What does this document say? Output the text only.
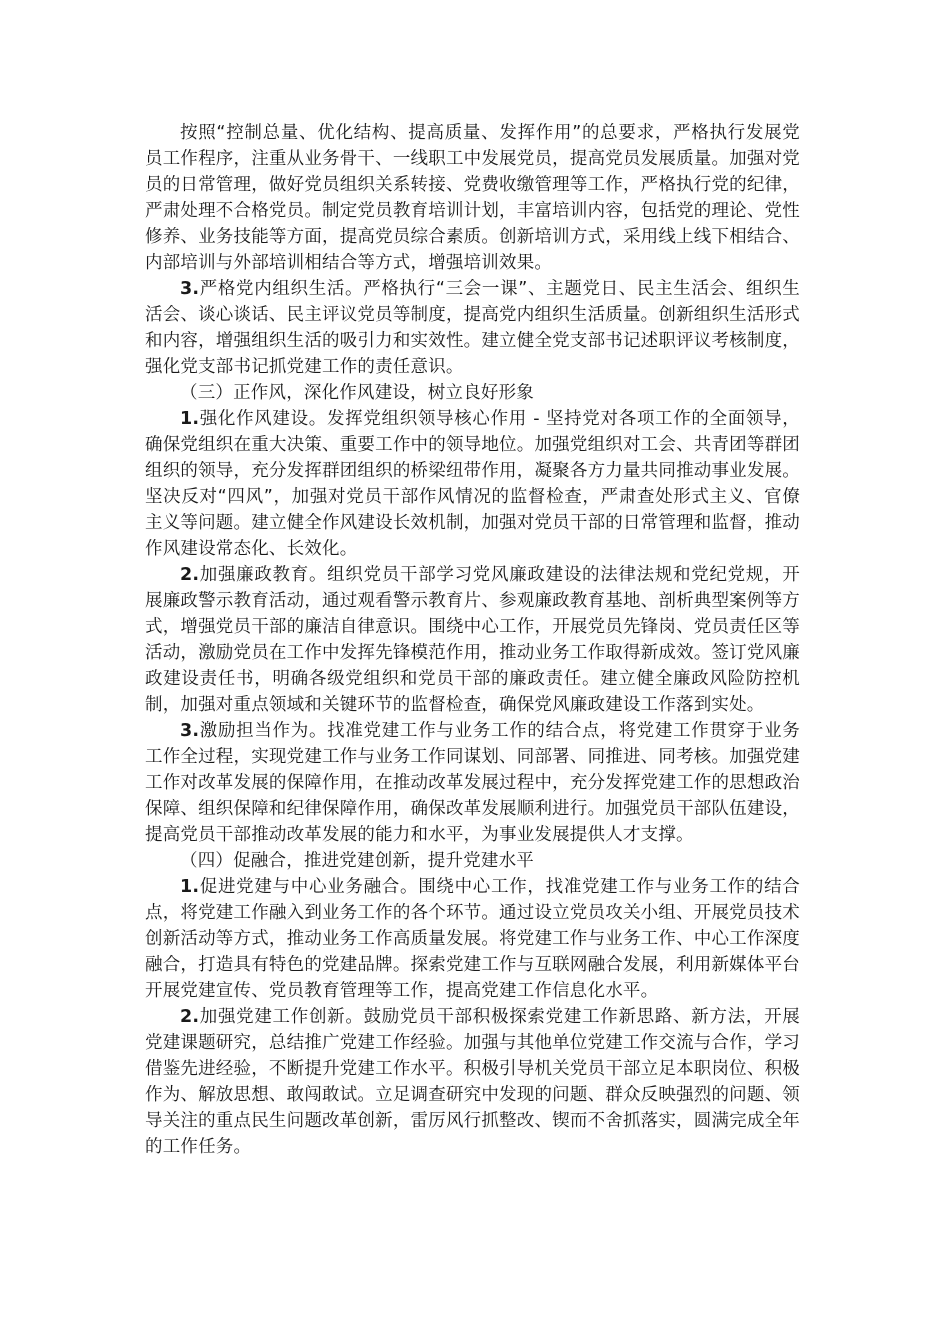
按照“控制总量、优化结构、提高质量、发挥作用”的总要求，严格执行发展党员工作程序，注重从业务骨干、一线职工中发展党员，提高党员发展质量。加强对党员的日常管理，做好党员组织关系转接、党费收缴管理等工作，严格执行党的纪律，严肃处理不合格党员。制定党员教育培训计划，丰富培训内容，包括党的理论、党性修养、业务技能等方面，提高党员综合素质。创新培训方式，采用线上线下相结合、内部培训与外部培训相结合等方式，增强培训效果。

3.严格党内组织生活。严格执行“三会一课”、主题党日、民主生活会、组织生活会、谈心谈话、民主评议党员等制度，提高党内组织生活质量。创新组织生活形式和内容，增强组织生活的吸引力和实效性。建立健全党支部书记述职评议考核制度，强化党支部书记抓党建工作的责任意识。

（三）正作风，深化作风建设，树立良好形象

1.强化作风建设。发挥党组织领导核心作用 - 坚持党对各项工作的全面领导，确保党组织在重大决策、重要工作中的领导地位。加强党组织对工会、共青团等群团组织的领导，充分发挥群团组织的桥梁纽带作用，凝聚各方力量共同推动事业发展。坚决反对“四风”，加强对党员干部作风情况的监督检查，严肃查处形式主义、官僚主义等问题。建立健全作风建设长效机制，加强对党员干部的日常管理和监督，推动作风建设常态化、长效化。

2.加强廉政教育。组织党员干部学习党风廉政建设的法律法规和党纪党规，开展廉政警示教育活动，通过观看警示教育片、参观廉政教育基地、剖析典型案例等方式，增强党员干部的廉洁自律意识。围绕中心工作，开展党员先锋岗、党员责任区等活动，激励党员在工作中发挥先锋模范作用，推动业务工作取得新成效。签订党风廉政建设责任书，明确各级党组织和党员干部的廉政责任。建立健全廉政风险防控机制，加强对重点领域和关键环节的监督检查，确保党风廉政建设工作落到实处。

3.激励担当作为。找准党建工作与业务工作的结合点，将党建工作贯穿于业务工作全过程，实现党建工作与业务工作同谋划、同部署、同推进、同考核。加强党建工作对改革发展的保障作用，在推动改革发展过程中，充分发挥党建工作的思想政治保障、组织保障和纪律保障作用，确保改革发展顺利进行。加强党员干部队伍建设，提高党员干部推动改革发展的能力和水平，为事业发展提供人才支撑。

（四）促融合，推进党建创新，提升党建水平

1.促进党建与中心业务融合。围绕中心工作，找准党建工作与业务工作的结合点，将党建工作融入到业务工作的各个环节。通过设立党员攻关小组、开展党员技术创新活动等方式，推动业务工作高质量发展。将党建工作与业务工作、中心工作深度融合，打造具有特色的党建品牌。探索党建工作与互联网融合发展，利用新媒体平台开展党建宣传、党员教育管理等工作，提高党建工作信息化水平。

2.加强党建工作创新。鼓励党员干部积极探索党建工作新思路、新方法，开展党建课题研究，总结推广党建工作经验。加强与其他单位党建工作交流与合作，学习借鉴先进经验，不断提升党建工作水平。积极引导机关党员干部立足本职岗位、积极作为、解放思想、敢闯敢试。立足调查研究中发现的问题、群众反映强烈的问题、领导关注的重点民生问题改革创新，雷厉风行抓整改、锲而不舍抓落实，圆满完成全年的工作任务。
